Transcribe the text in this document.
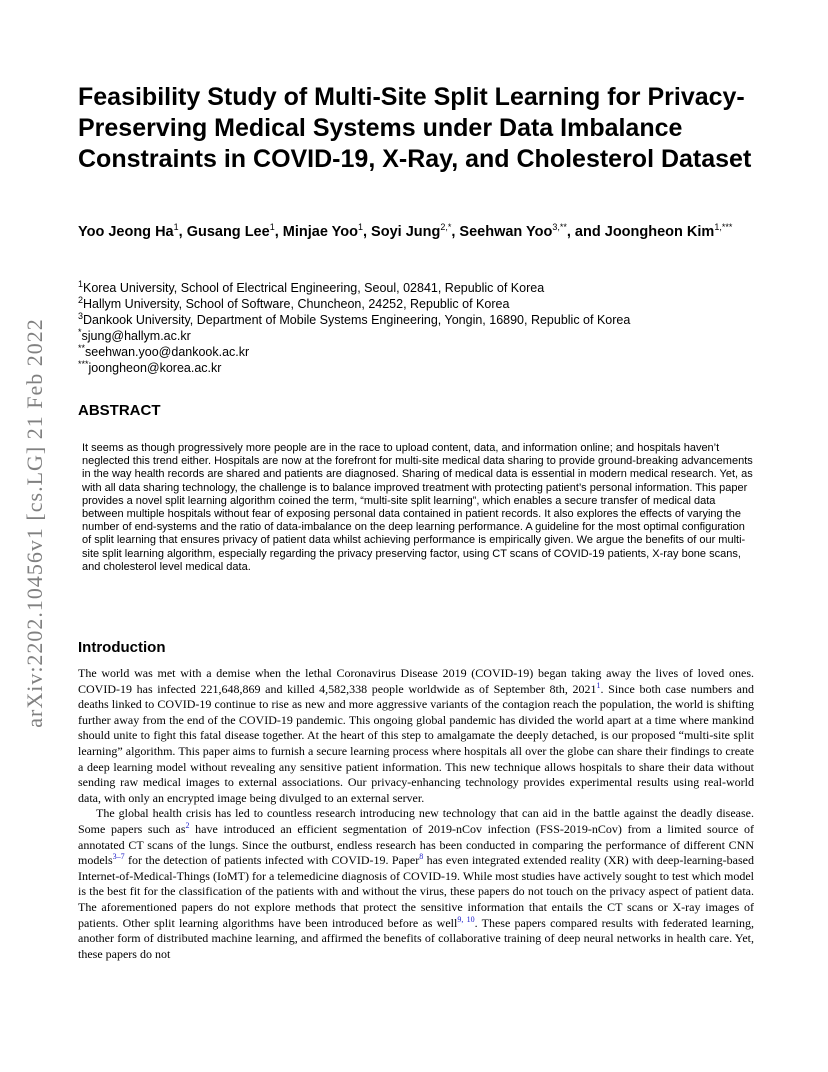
arXiv:2202.10456v1 [cs.LG] 21 Feb 2022
Feasibility Study of Multi-Site Split Learning for Privacy-Preserving Medical Systems under Data Imbalance Constraints in COVID-19, X-Ray, and Cholesterol Dataset
Yoo Jeong Ha$^1$, Gusang Lee$^1$, Minjae Yoo$^1$, Soyi Jung$^{2,*}$, Seehwan Yoo$^{3,**}$, and Joongheon Kim$^{1,***}$
$^1$Korea University, School of Electrical Engineering, Seoul, 02841, Republic of Korea
$^2$Hallym University, School of Software, Chuncheon, 24252, Republic of Korea
$^3$Dankook University, Department of Mobile Systems Engineering, Yongin, 16890, Republic of Korea
*sjung@hallym.ac.kr
**seehwan.yoo@dankook.ac.kr
***joongheon@korea.ac.kr
ABSTRACT

It seems as though progressively more people are in the race to upload content, data, and information online; and hospitals haven’t neglected this trend either. Hospitals are now at the forefront for multi-site medical data sharing to provide ground-breaking advancements in the way health records are shared and patients are diagnosed. Sharing of medical data is essential in modern medical research. Yet, as with all data sharing technology, the challenge is to balance improved treatment with protecting patient’s personal information. This paper provides a novel split learning algorithm coined the term, “multi-site split learning”, which enables a secure transfer of medical data between multiple hospitals without fear of exposing personal data contained in patient records. It also explores the effects of varying the number of end-systems and the ratio of data-imbalance on the deep learning performance. A guideline for the most optimal configuration of split learning that ensures privacy of patient data whilst achieving performance is empirically given. We argue the benefits of our multi-site split learning algorithm, especially regarding the privacy preserving factor, using CT scans of COVID-19 patients, X-ray bone scans, and cholesterol level medical data.

Introduction

The world was met with a demise when the lethal Coronavirus Disease 2019 (COVID-19) began taking away the lives of loved ones. COVID-19 has infected 221,648,869 and killed 4,582,338 people worldwide as of September 8th, 2021$^1$. Since both case numbers and deaths linked to COVID-19 continue to rise as new and more aggressive variants of the contagion reach the population, the world is shifting further away from the end of the COVID-19 pandemic. This ongoing global pandemic has divided the world apart at a time where mankind should unite to fight this fatal disease together. At the heart of this step to amalgamate the deeply detached, is our proposed “multi-site split learning” algorithm. This paper aims to furnish a secure learning process where hospitals all over the globe can share their findings to create a deep learning model without revealing any sensitive patient information. This new technique allows hospitals to share their data without sending raw medical images to external associations. Our privacy-enhancing technology provides experimental results using real-world data, with only an encrypted image being divulged to an external server.

The global health crisis has led to countless research introducing new technology that can aid in the battle against the deadly disease. Some papers such as$^2$ have introduced an efficient segmentation of 2019-nCov infection (FSS-2019-nCov) from a limited source of annotated CT scans of the lungs. Since the outburst, endless research has been conducted in comparing the performance of different CNN models$^{3-7}$ for the detection of patients infected with COVID-19. Paper$^8$ has even integrated extended reality (XR) with deep-learning-based Internet-of-Medical-Things (IoMT) for a telemedicine diagnosis of COVID-19. While most studies have actively sought to test which model is the best fit for the classification of the patients with and without the virus, these papers do not touch on the privacy aspect of patient data. The aforementioned papers do not explore methods that protect the sensitive information that entails the CT scans or X-ray images of patients. Other split learning algorithms have been introduced before as well$^{9, 10}$. These papers compared results with federated learning, another form of distributed machine learning, and affirmed the benefits of collaborative training of deep neural networks in health care. Yet, these papers do not
